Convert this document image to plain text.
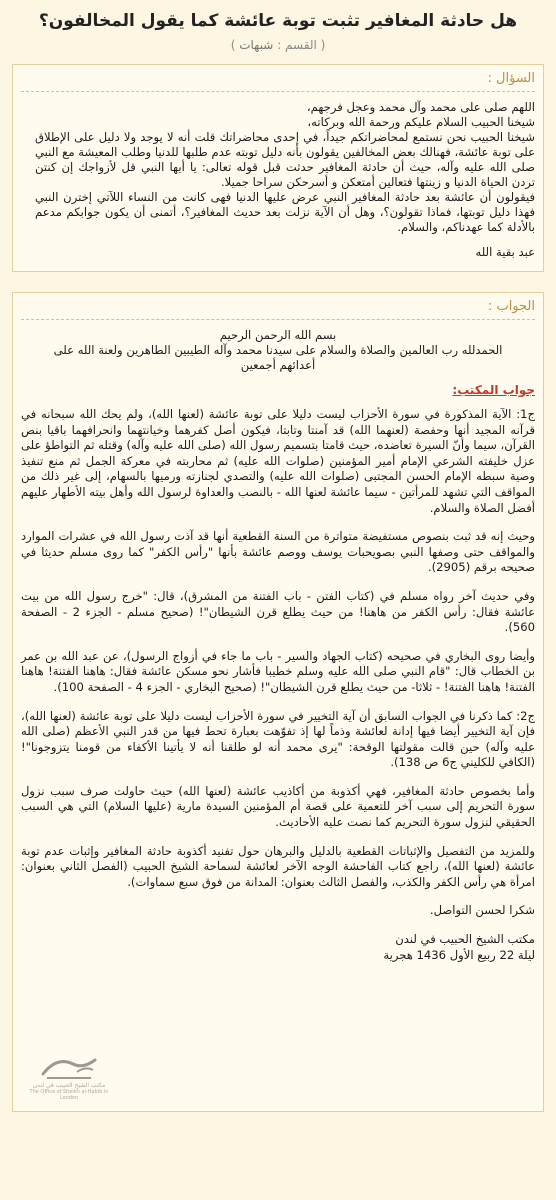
هل حادثة المغافير تثبت توبة عائشة كما يقول المخالفون؟
( القسم : شبهات )
السؤال :

اللهم صلى على محمد وآل محمد وعجل فرجهم،

شيخنا الحبيب السلام عليكم ورحمة الله وبركاته،

شيخنا الحبيب نحن نستمع لمحاضراتكم جيداً، في إحدى محاضراتك قلت أنه لا يوجد ولا دليل على الإطلاق على توبة عائشة، فهنالك بعض المخالفين يقولون بأنه دليل توبته عدم طلبها للدنيا وطلب المعيشة مع النبي صلى الله عليه وآله، حيث أن حادثة المغافير حدثت قبل قوله تعالى: يا أيها النبي قل لأزواجك إن كنتن تردن الحياة الدنيا و زينتها فتعالين أمتعكن و أسرحكن سراحا جميلا.

فيقولون أن عائشة بعد حادثة المغافير النبي عرض عليها الدنيا فهى كانت من النساء اللآتي إخترن النبي فهذا دليل توبتها، فماذا تقولون؟، وهل أن الآية نزلت بعد حديث المغافير؟، أتمنى أن يكون جوابكم مدعم بالأدلة كما عهدناكم، والسلام.

عبد بقية الله

الجواب :
بسم الله الرحمن الرحيم

الحمدلله رب العالمين والصلاة والسلام على سيدنا محمد وآله الطيبين الطاهرين ولعنة الله على أعدائهم أجمعين

جواب المكتب:

ج1: الآية المذكورة في سورة الأحزاب ليست دليلا على توبة عائشة (لعنها الله)، ولم يحك الله سبحانه في قرآنه المجيد أنها وحفصة (لعنهما الله) قد آمنتا وتابتا، فيكون أصل كفرهما وخيانتهما وانحرافهما باقيا بنص القرآن، سيما وأنّ السيرة تعاضده، حيث قامتا بتسميم رسول الله (صلى الله عليه وآله) وقتله ثم التواطؤ على عزل خليفته الشرعي الإمام أمير المؤمنين (صلوات الله عليه) ثم محاربته في معركة الجمل ثم منع تنفيذ وصية سبطه الإمام الحسن المجتبى (صلوات الله عليه) والتصدي لجنازته ورميها بالسهام، إلى غير ذلك من المواقف التي تشهد للمرأتين - سيما عائشة لعنها الله - بالنصب والعداوة لرسول الله وأهل بيته الأطهار عليهم أفضل الصلاة والسلام.

وحيث إنه قد ثبت بنصوص مستفيضة متواترة من السنة القطعية أنها قد آذت رسول الله في عشرات الموارد والمواقف حتى وصفها النبي بصويحبات يوسف ووصم عائشة بأنها "رأس الكفر" كما روى مسلم حديثا في صحيحه برقم (2905).

وفي حديث آخر رواه مسلم في (كتاب الفتن - باب الفتنة من المشرق)، قال: "خرج رسول الله من بيت عائشة فقال: رأس الكفر من هاهنا! من حيث يطلع قرن الشيطان"! (صحيح مسلم - الجزء 2 - الصفحة 560).

وأيضا روى البخاري في صحيحه (كتاب الجهاد والسير - باب ما جاء في أزواج الرسول)، عن عبد الله بن عمر بن الخطاب قال: "قام النبي صلى الله عليه وسلم خطيبا فأشار نحو مسكن عائشة فقال: هاهنا الفتنة! هاهنا الفتنة! هاهنا الفتنة! - ثلاثا- من حيث يطلع قرن الشيطان"! (صحيح البخاري - الجزء 4 - الصفحة 100).

ج2: كما ذكرنا في الجواب السابق أن آية التخيير في سورة الأحزاب ليست دليلا على توبة عائشة (لعنها الله)، فإن آية التخيير أيضا فيها إدانة لعائشة وذماً لها إذ تفوّهت بعبارة تحط فيها من قدر النبي الأعظم (صلى الله عليه وآله) حين قالت مقولتها الوقحة: "يرى محمد أنه لو طلقنا أنه لا يأتينا الأكفاء من قومنا يتزوجونا"! (الكافي للكليني ج6 ص 138).

وأما بخصوص حادثة المغافير، فهي أكذوبة من أكاذيب عائشة (لعنها الله) حيث حاولت صرف سبب نزول سورة التحريم إلى سبب آخر للتعمية على قصة أم المؤمنين السيدة مارية (عليها السلام) التي هي السبب الحقيقي لنزول سورة التحريم كما نصت عليه الأحاديث.

وللمزيد من التفصيل والإثباتات القطعية بالدليل والبرهان حول تفنيد أكذوبة حادثة المغافير وإثبات عدم توبة عائشة (لعنها الله)، راجع كتاب الفاحشة الوجه الآخر لعائشة لسماحة الشيخ الحبيب (الفصل الثاني بعنوان: امرأة هي رأس الكفر والكذب، والفصل الثالث بعنوان: المدانة من فوق سبع سماوات).

شكرا لحسن التواصل.

مكتب الشيخ الحبيب في لندن

ليلة 22 ربيع الأول 1436 هجرية

مكتب الشيخ الحبيب في لندن
The Office of Sheikh al-Habib in London
